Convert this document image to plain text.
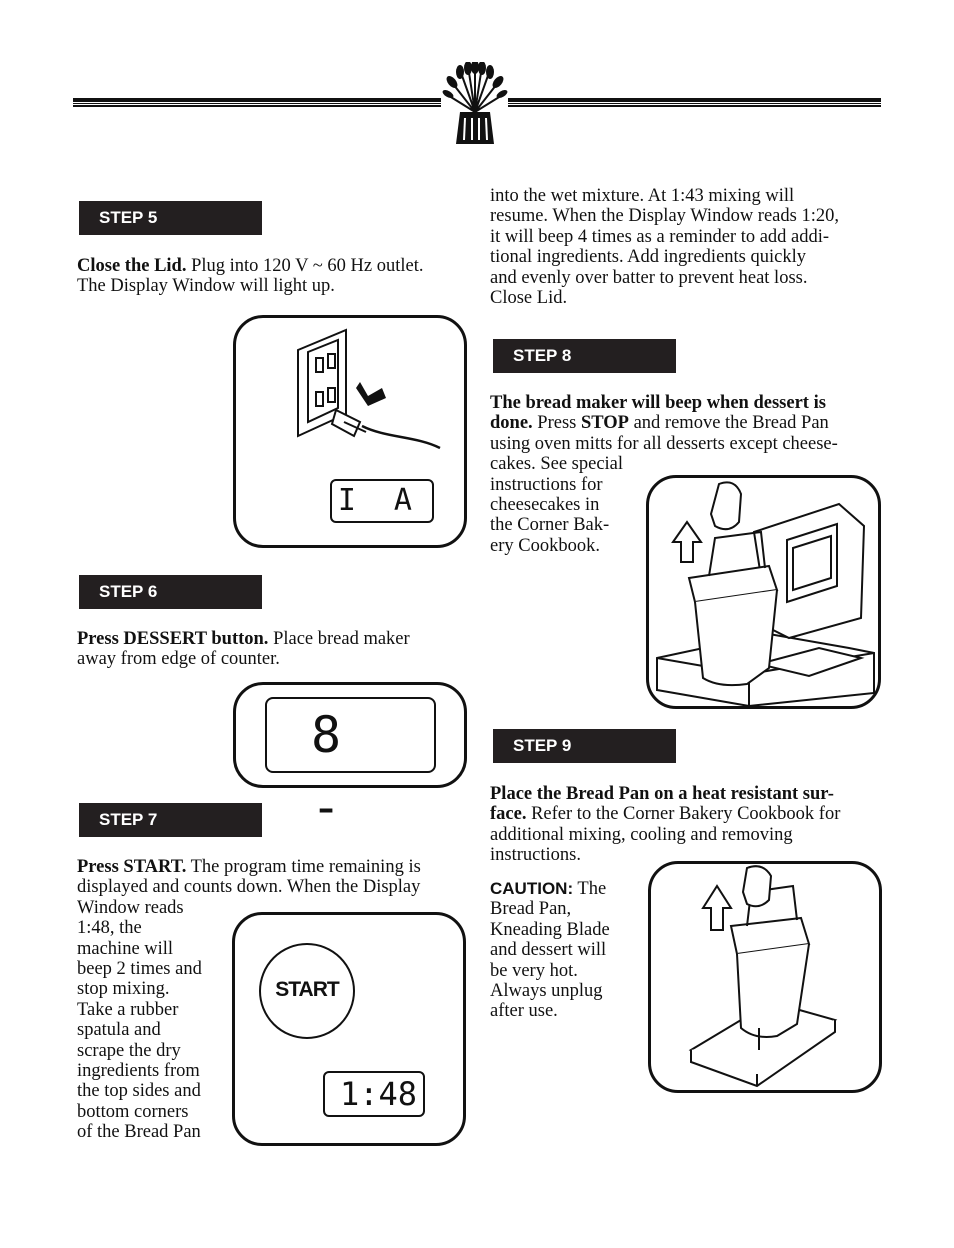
STEP 5
Close the Lid. Plug into 120 V ~ 60 Hz outlet.
The Display Window will light up.
I A
STEP 6
Press DESSERT button. Place bread maker
away from edge of counter.
8 -
STEP 7
Press START. The program time remaining is
displayed and counts down. When the Display
Window reads
1:48, the
machine will
beep 2 times and
stop mixing.
Take a rubber
spatula and
scrape the dry
ingredients from
the top sides and
bottom corners
of the Bread Pan
START
1:48
into the wet mixture. At 1:43 mixing will
resume. When the Display Window reads 1:20,
it will beep 4 times as a reminder to add addi-
tional ingredients. Add ingredients quickly
and evenly over batter to prevent heat loss.
Close Lid.
STEP 8
The bread maker will beep when dessert is
done. Press STOP and remove the Bread Pan
using oven mitts for all desserts except cheese-
cakes. See special
instructions for
cheesecakes in
the Corner Bak-
ery Cookbook.
STEP 9
Place the Bread Pan on a heat resistant sur-
face. Refer to the Corner Bakery Cookbook for
additional mixing, cooling and removing
instructions.
CAUTION: The
Bread Pan,
Kneading Blade
and dessert will
be very hot.
Always unplug
after use.
